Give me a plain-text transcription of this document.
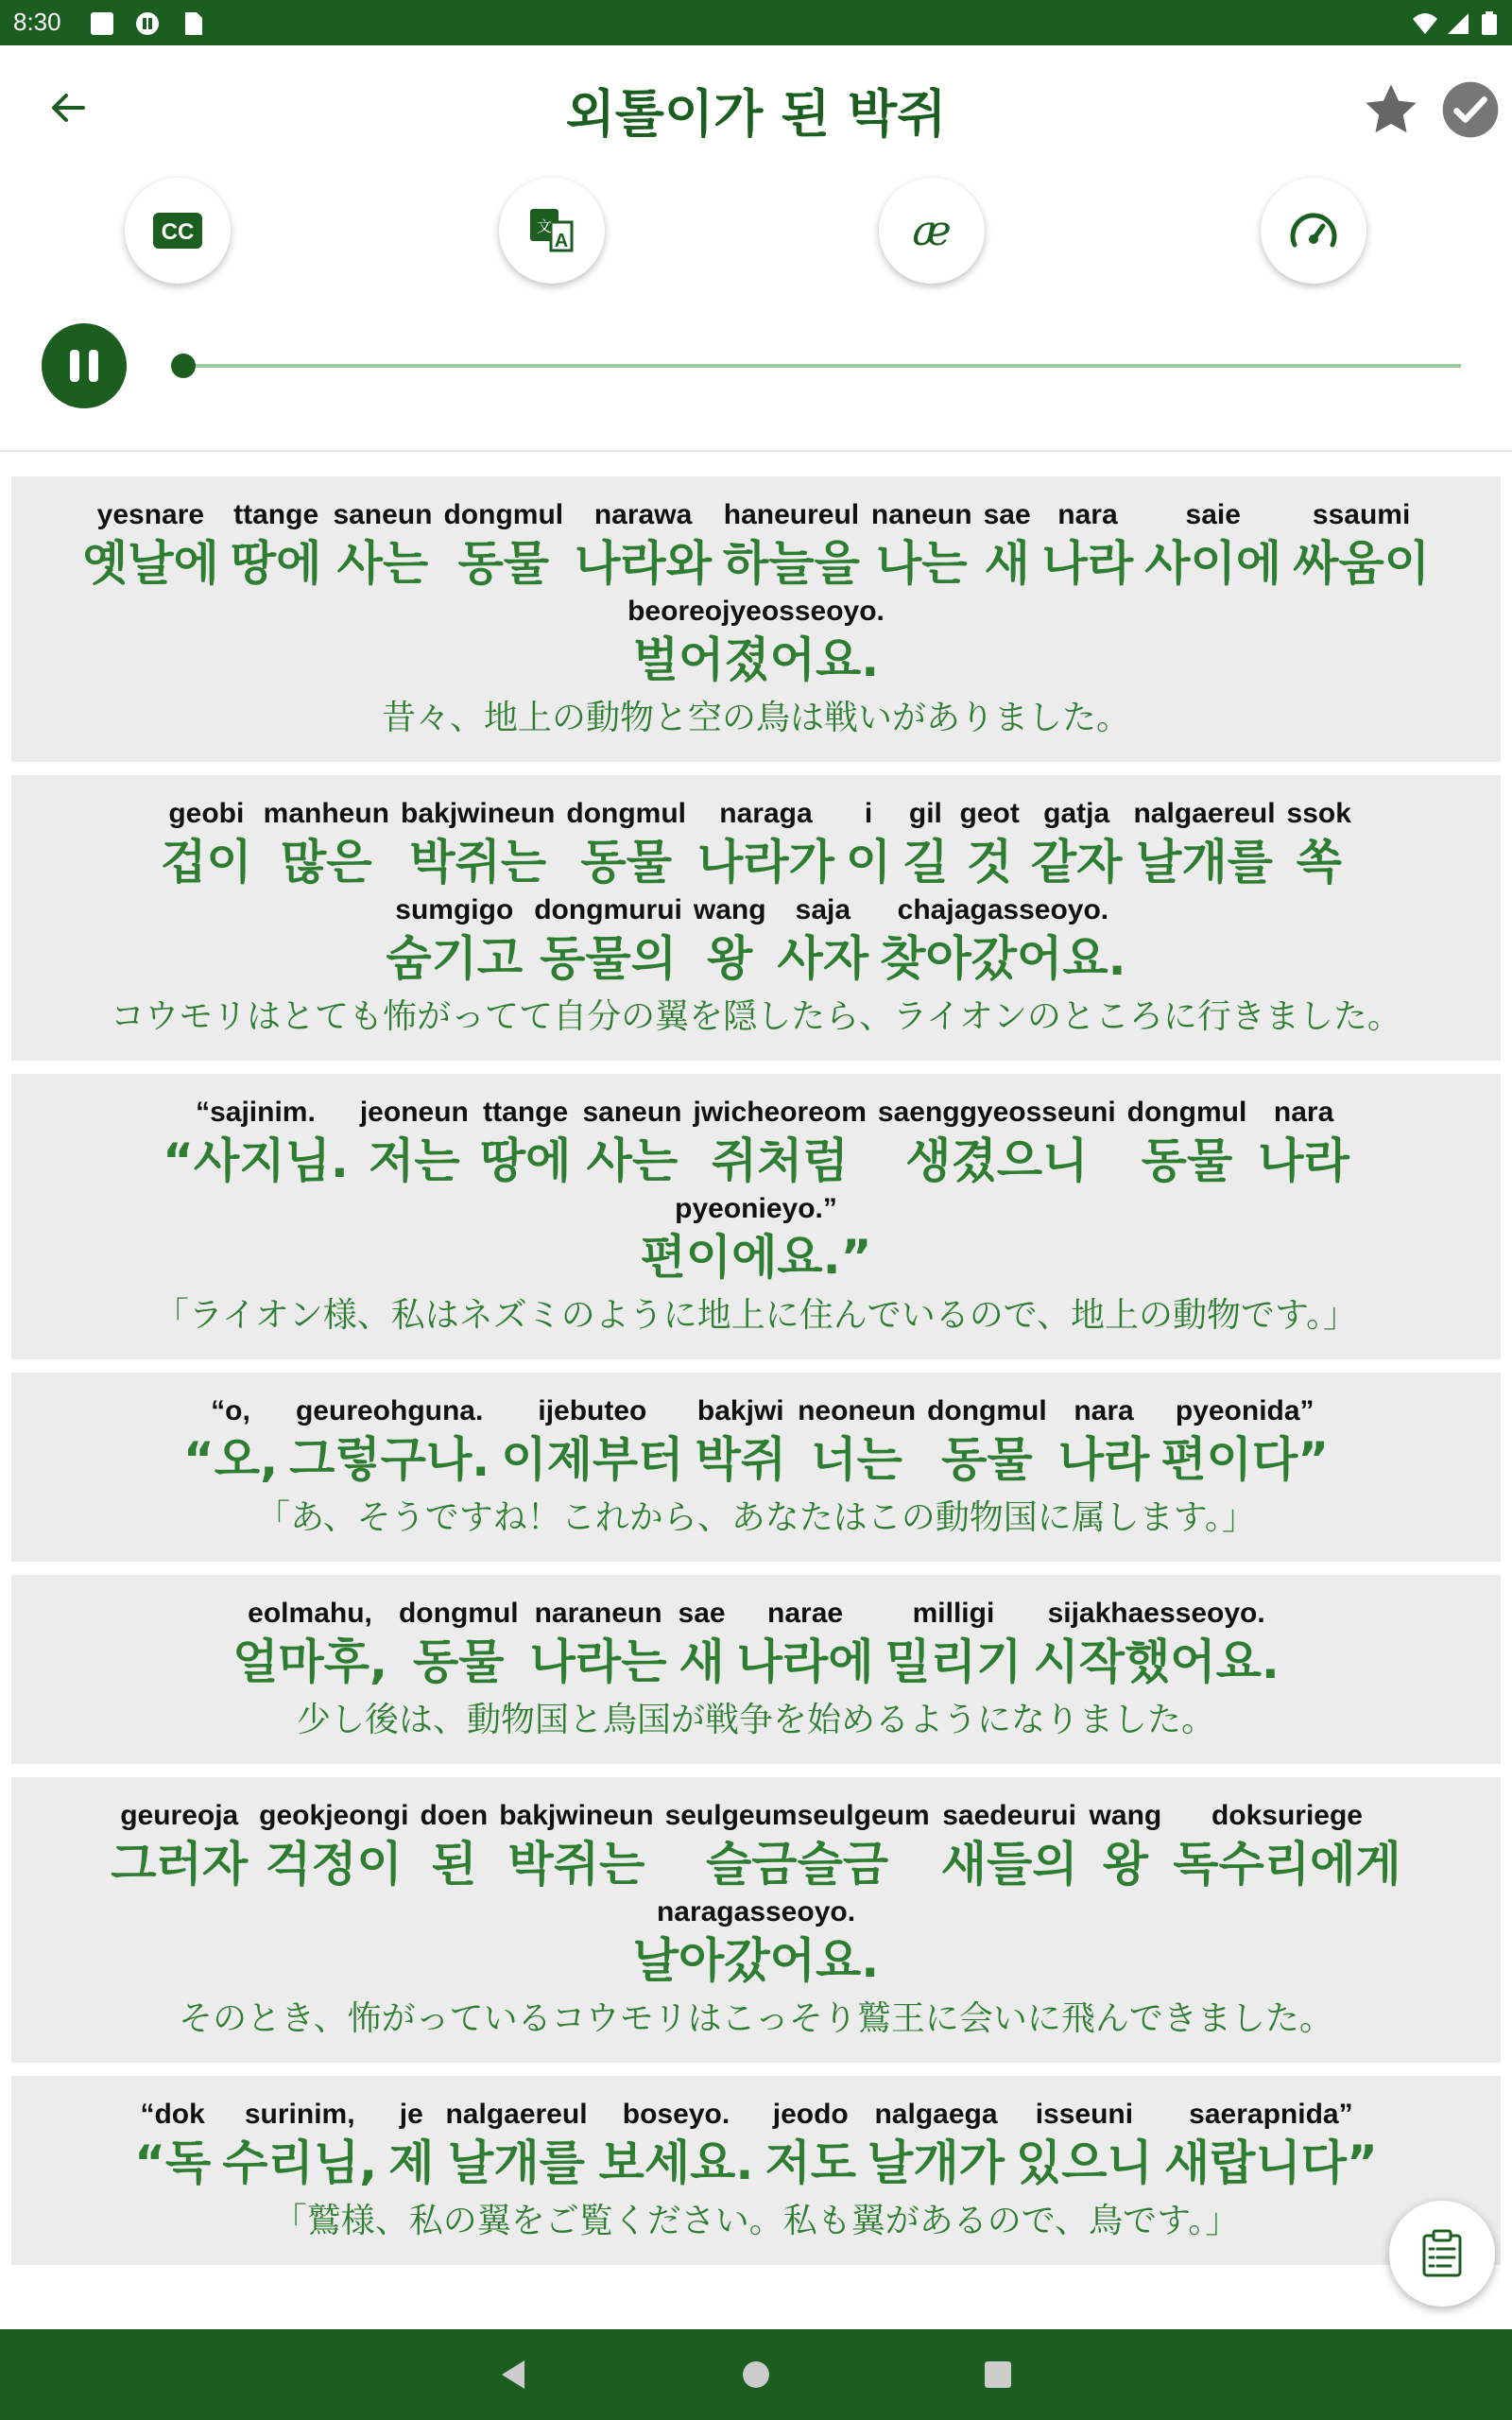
8:30
외톨이가 된 박쥐
CC	文
A	æ
yesnare
옛날에
ttange
땅에
saneun
사는
dongmul
동물
narawa
나라와
haneureul
하늘을
naneun
나는
sae
새
nara
나라
saie
사이에
ssaumi
싸움이
beoreojyeosseoyo.
벌어졌어요.
昔々、地上の動物と空の鳥は戦いがありました。
geobi
겁이
manheun
많은
bakjwineun
박쥐는
dongmul
동물
naraga
나라가
i
이
gil
길
geot
것
gatja
같자
nalgaereul
날개를
ssok
쏙
sumgigo
숨기고
dongmurui
동물의
wang
왕
saja
사자
chajagasseoyo.
찾아갔어요.
コウモリはとても怖がってて自分の翼を隠したら、ライオンのところに行きました。
“sajinim.
“사지님.
jeoneun
저는
ttange
땅에
saneun
사는
jwicheoreom
쥐처럼
saenggyeosseuni
생겼으니
dongmul
동물
nara
나라
pyeonieyo.”
편이에요.”
「ライオン様、私はネズミのように地上に住んでいるので、地上の動物です。」
“o,
“오,
geureohguna.
그렇구나.
ijebuteo
이제부터
bakjwi
박쥐
neoneun
너는
dongmul
동물
nara
나라
pyeonida”
편이다”
「あ、そうですね！これから、あなたはこの動物国に属します。」
eolmahu,
얼마후,
dongmul
동물
naraneun
나라는
sae
새
narae
나라에
milligi
밀리기
sijakhaesseoyo.
시작했어요.
少し後は、動物国と鳥国が戦争を始めるようになりました。
geureoja
그러자
geokjeongi
걱정이
doen
된
bakjwineun
박쥐는
seulgeumseulgeum
슬금슬금
saedeurui
새들의
wang
왕
doksuriege
독수리에게
naragasseoyo.
날아갔어요.
そのとき、怖がっているコウモリはこっそり鷲王に会いに飛んできました。
“dok
“독
surinim,
수리님,
je
제
nalgaereul
날개를
boseyo.
보세요.
jeodo
저도
nalgaega
날개가
isseuni
있으니
saerapnida”
새랍니다”
「鷲様、私の翼をご覧ください。私も翼があるので、鳥です。」
